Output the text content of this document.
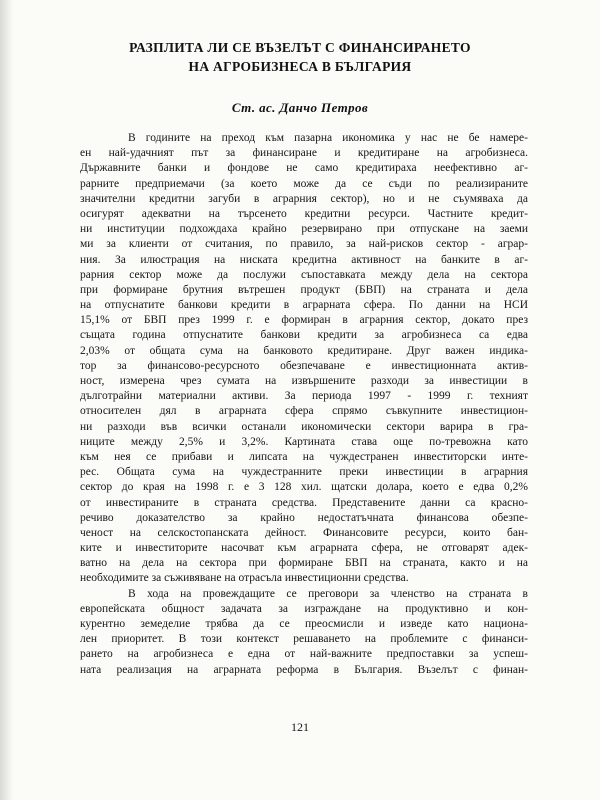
РАЗПЛИТА ЛИ СЕ ВЪЗЕЛЪТ С ФИНАНСИРАНЕТО
НА АГРОБИЗНЕСА В БЪЛГАРИЯ
Ст. ас. Данчо Петров
В годините на преход към пазарна икономика у нас не бе намере-
ен най-удачният път за финансиране и кредитиране на агробизнеса.
Държавните банки и фондове не само кредитираха неефективно аг-
рарните предприемачи (за което може да се съди по реализираните
значителни кредитни загуби в аграрния сектор), но и не съумяваха да
осигурят адекватни на търсенето кредитни ресурси. Частните кредит-
ни институции подхождаха крайно резервирано при отпускане на заеми
ми за клиенти от считания, по правило, за най-рисков сектор - аграр-
ния. За илюстрация на ниската кредитна активност на банките в аг-
рарния сектор може да послужи съпоставката между дела на сектора
при формиране брутния вътрешен продукт (БВП) на страната и дела
на отпуснатите банкови кредити в аграрната сфера. По данни на НСИ
15,1% от БВП през 1999 г. е формиран в аграрния сектор, докато през
същата година отпуснатите банкови кредити за агробизнеса са едва
2,03% от общата сума на банковото кредитиране. Друг важен индика-
тор за финансово-ресурсното обезпечаване е инвестиционната актив-
ност, измерена чрез сумата на извършените разходи за инвестиции в
дълготрайни материални активи. За периода 1997 - 1999 г. техният
относителен дял в аграрната сфера спрямо съвкупните инвестицион-
ни разходи във всички останали икономически сектори варира в гра-
ниците между 2,5% и 3,2%. Картината става още по-тревожна като
към нея се прибави и липсата на чуждестранен инвеститорски инте-
рес. Общата сума на чуждестранните преки инвестиции в аграрния
сектор до края на 1998 г. е 3 128 хил. щатски долара, което е едва 0,2%
от инвестираните в страната средства. Представените данни са красно-
речиво доказателство за крайно недостатъчната финансова обезпе-
ченост на селскостопанската дейност. Финансовите ресурси, които бан-
ките и инвеститорите насочват към аграрната сфера, не отговарят адек-
ватно на дела на сектора при формиране БВП на страната, както и на
необходимите за съживяване на отрасъла инвестиционни средства.
В хода на провеждащите се преговори за членство на страната в
европейската общност задачата за изграждане на продуктивно и кон-
курентно земеделие трябва да се преосмисли и изведе като национа-
лен приоритет. В този контекст решаването на проблемите с финанси-
рането на агробизнеса е една от най-важните предпоставки за успеш-
ната реализация на аграрната реформа в България. Възелът с финан-
121
